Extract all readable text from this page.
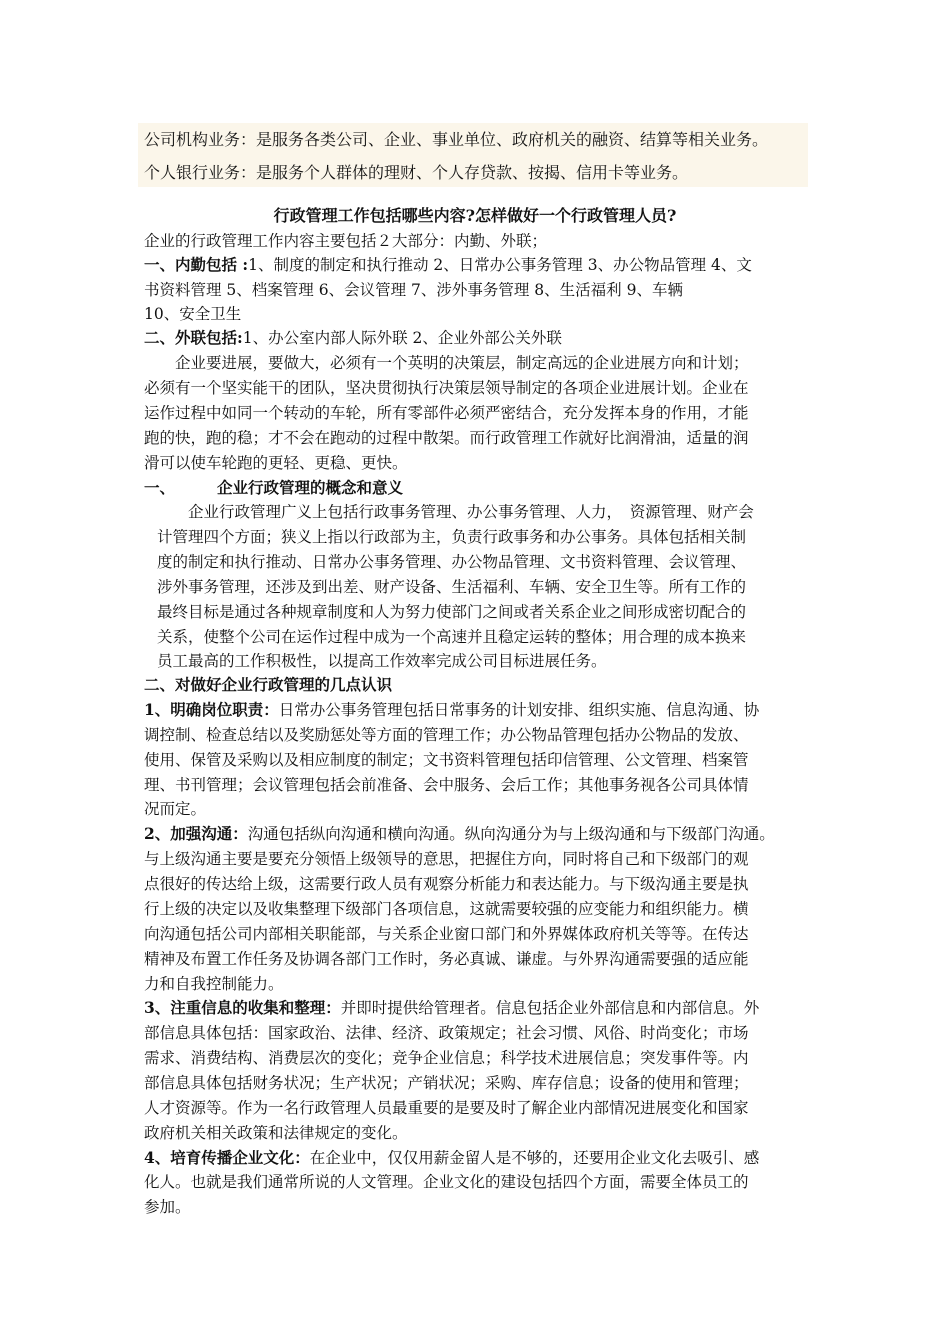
公司机构业务：是服务各类公司、企业、事业单位、政府机关的融资、结算等相关业务。
个人银行业务：是服务个人群体的理财、个人存贷款、按揭、信用卡等业务。
行政管理工作包括哪些内容?怎样做好一个行政管理人员?
企业的行政管理工作内容主要包括２大部分：内勤、外联；
一、内勤包括 :1、制度的制定和执行推动 2、日常办公事务管理 3、办公物品管理 4、文
书资料管理 5、档案管理 6、会议管理 7、涉外事务管理 8、生活福利 9、车辆
10、安全卫生
二、外联包括:1、办公室内部人际外联 2、企业外部公关外联
　　企业要进展，要做大，必须有一个英明的决策层，制定高远的企业进展方向和计划；
必须有一个坚实能干的团队，坚决贯彻执行决策层领导制定的各项企业进展计划。企业在
运作过程中如同一个转动的车轮，所有零部件必须严密结合，充分发挥本身的作用，才能
跑的快，跑的稳；才不会在跑动的过程中散架。而行政管理工作就好比润滑油，适量的润
滑可以使车轮跑的更轻、更稳、更快。
一、	企业行政管理的概念和意义
　　企业行政管理广义上包括行政事务管理、办公事务管理、人力，　资源管理、财产会
计管理四个方面；狭义上指以行政部为主，负责行政事务和办公事务。具体包括相关制
度的制定和执行推动、日常办公事务管理、办公物品管理、文书资料管理、会议管理、
涉外事务管理，还涉及到出差、财产设备、生活福利、车辆、安全卫生等。所有工作的
最终目标是通过各种规章制度和人为努力使部门之间或者关系企业之间形成密切配合的
关系，使整个公司在运作过程中成为一个高速并且稳定运转的整体；用合理的成本换来
员工最高的工作积极性，以提高工作效率完成公司目标进展任务。
二、对做好企业行政管理的几点认识
1、明确岗位职责：日常办公事务管理包括日常事务的计划安排、组织实施、信息沟通、协
调控制、检查总结以及奖励惩处等方面的管理工作；办公物品管理包括办公物品的发放、
使用、保管及采购以及相应制度的制定；文书资料管理包括印信管理、公文管理、档案管
理、书刊管理；会议管理包括会前准备、会中服务、会后工作；其他事务视各公司具体情
况而定。
2、加强沟通：沟通包括纵向沟通和横向沟通。纵向沟通分为与上级沟通和与下级部门沟通。
与上级沟通主要是要充分领悟上级领导的意思，把握住方向，同时将自己和下级部门的观
点很好的传达给上级，这需要行政人员有观察分析能力和表达能力。与下级沟通主要是执
行上级的决定以及收集整理下级部门各项信息，这就需要较强的应变能力和组织能力。横
向沟通包括公司内部相关职能部，与关系企业窗口部门和外界媒体政府机关等等。在传达
精神及布置工作任务及协调各部门工作时，务必真诚、谦虚。与外界沟通需要强的适应能
力和自我控制能力。
3、注重信息的收集和整理：并即时提供给管理者。信息包括企业外部信息和内部信息。外
部信息具体包括：国家政治、法律、经济、政策规定；社会习惯、风俗、时尚变化；市场
需求、消费结构、消费层次的变化；竞争企业信息；科学技术进展信息；突发事件等。内
部信息具体包括财务状况；生产状况；产销状况；采购、库存信息；设备的使用和管理；
人才资源等。作为一名行政管理人员最重要的是要及时了解企业内部情况进展变化和国家
政府机关相关政策和法律规定的变化。
4、培育传播企业文化：在企业中，仅仅用薪金留人是不够的，还要用企业文化去吸引、感
化人。也就是我们通常所说的人文管理。企业文化的建设包括四个方面，需要全体员工的
参加。
